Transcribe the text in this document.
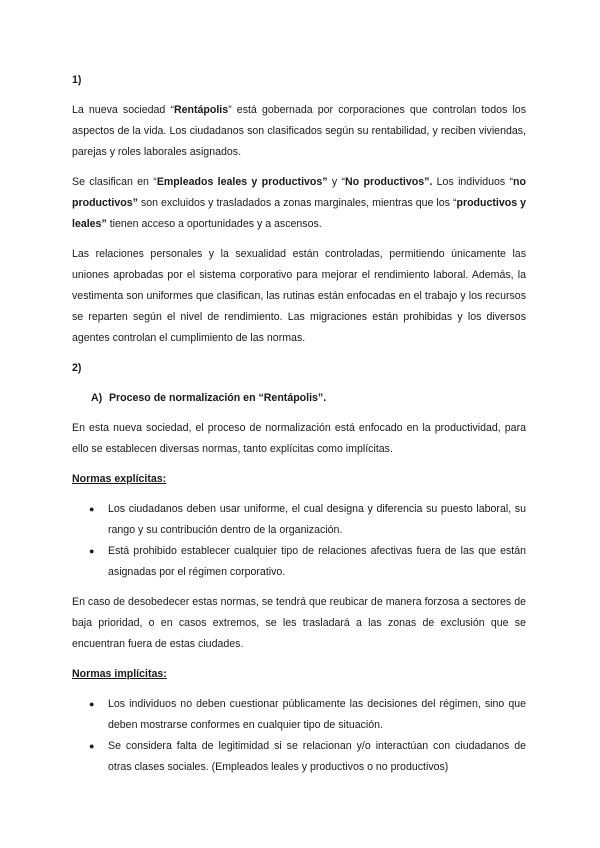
1)

La nueva sociedad “Rentápolis” está gobernada por corporaciones que controlan todos los aspectos de la vida. Los ciudadanos son clasificados según su rentabilidad, y reciben viviendas, parejas y roles laborales asignados.

Se clasifican en “Empleados leales y productivos” y “No productivos”. Los individuos “no productivos” son excluidos y trasladados a zonas marginales, mientras que los “productivos y leales” tienen acceso a oportunidades y a ascensos.

Las relaciones personales y la sexualidad están controladas, permitiendo únicamente las uniones aprobadas por el sistema corporativo para mejorar el rendimiento laboral. Además, la vestimenta son uniformes que clasifican, las rutinas están enfocadas en el trabajo y los recursos se reparten según el nivel de rendimiento. Las migraciones están prohibidas y los diversos agentes controlan el cumplimiento de las normas.

2)
A) Proceso de normalización en “Rentápolis”.

En esta nueva sociedad, el proceso de normalización está enfocado en la productividad, para ello se establecen diversas normas, tanto explícitas como implícitas.

Normas explícitas:
● Los ciudadanos deben usar uniforme, el cual designa y diferencia su puesto laboral, su rango y su contribución dentro de la organización.
● Está prohibido establecer cualquier tipo de relaciones afectivas fuera de las que están asignadas por el régimen corporativo.

En caso de desobedecer estas normas, se tendrá que reubicar de manera forzosa a sectores de baja prioridad, o en casos extremos, se les trasladará a las zonas de exclusión que se encuentran fuera de estas ciudades.

Normas implícitas:
● Los individuos no deben cuestionar públicamente las decisiones del régimen, sino que deben mostrarse conformes en cualquier tipo de situación.
● Se considera falta de legitimidad si se relacionan y/o interactúan con ciudadanos de otras clases sociales. (Empleados leales y productivos o no productivos)
